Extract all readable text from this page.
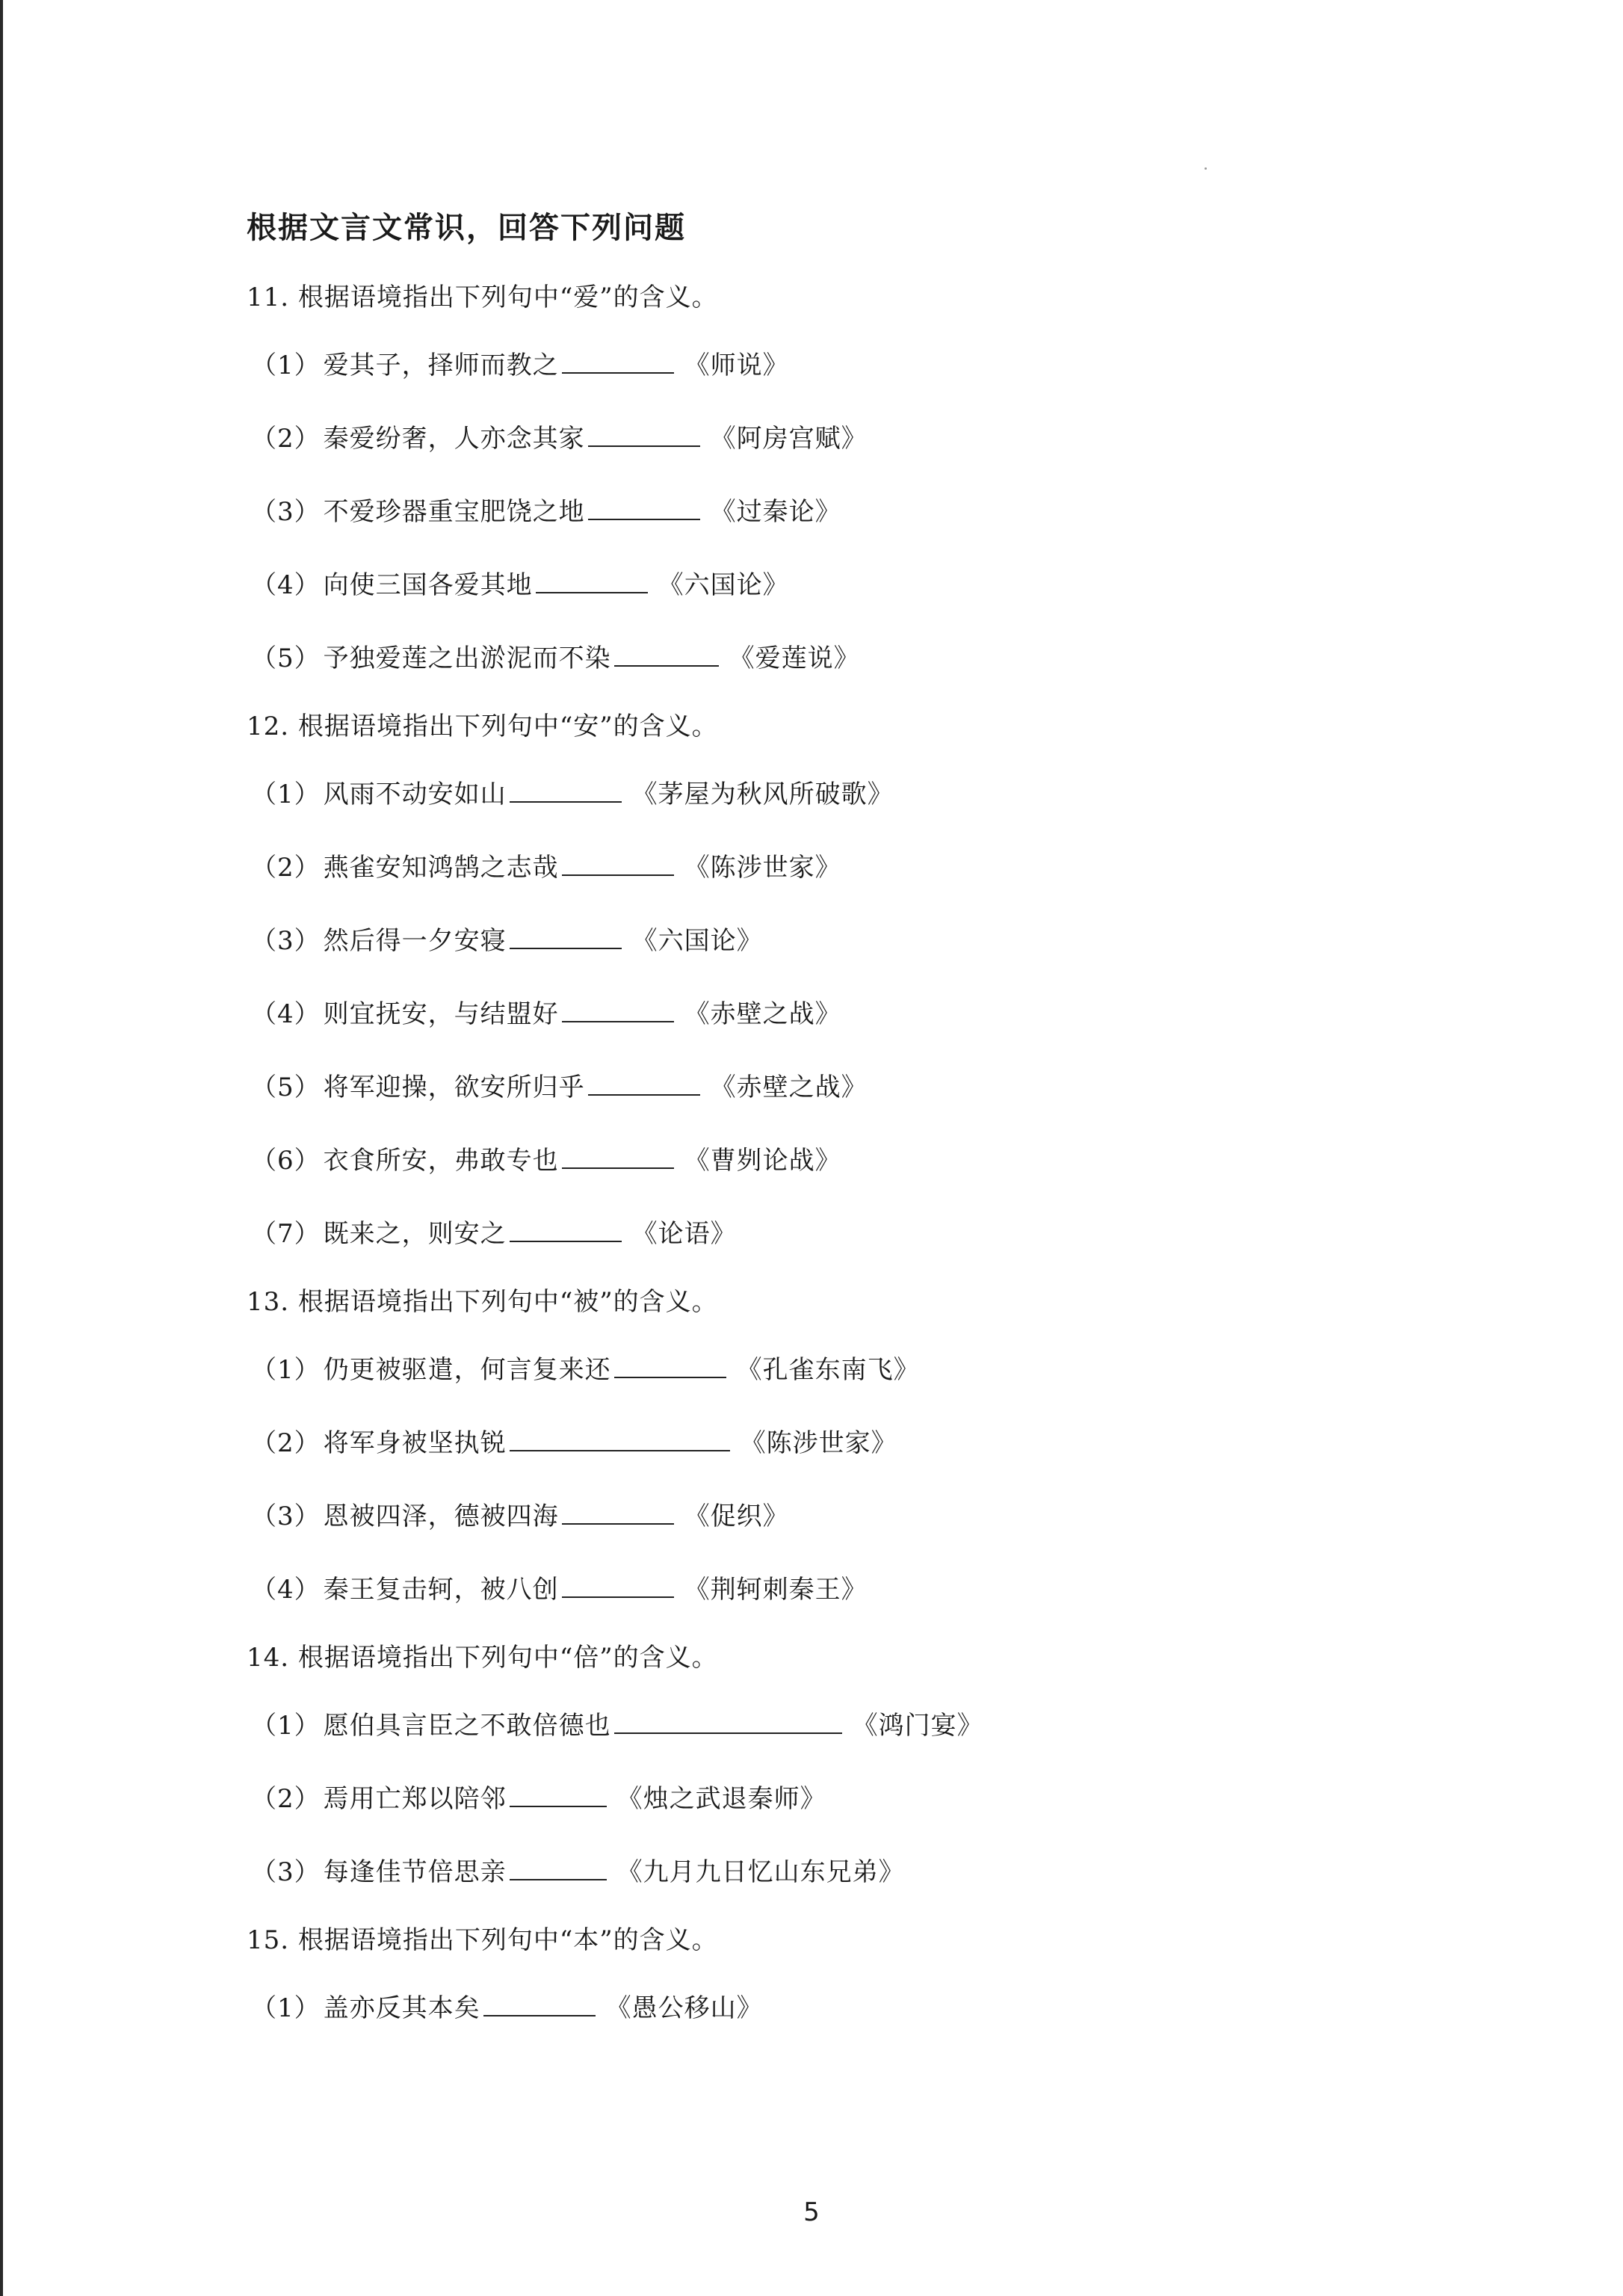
根据文言文常识，回答下列问题
11. 根据语境指出下列句中“爱”的含义。
（1） 爱其子，择师而教之	《师说》
（2） 秦爱纷奢，人亦念其家	《阿房宫赋》
（3） 不爱珍器重宝肥饶之地	《过秦论》
（4） 向使三国各爱其地	《六国论》
（5） 予独爱莲之出淤泥而不染	《爱莲说》
12. 根据语境指出下列句中“安”的含义。
（1） 风雨不动安如山	《茅屋为秋风所破歌》
（2） 燕雀安知鸿鹄之志哉	《陈涉世家》
（3） 然后得一夕安寝	《六国论》
（4） 则宜抚安，与结盟好	《赤壁之战》
（5） 将军迎操，欲安所归乎	《赤壁之战》
（6） 衣食所安，弗敢专也	《曹刿论战》
（7） 既来之，则安之	《论语》
13. 根据语境指出下列句中“被”的含义。
（1） 仍更被驱遣，何言复来还	《孔雀东南飞》
（2） 将军身被坚执锐	《陈涉世家》
（3） 恩被四泽，德被四海	《促织》
（4） 秦王复击轲，被八创	《荆轲刺秦王》
14. 根据语境指出下列句中“倍”的含义。
（1） 愿伯具言臣之不敢倍德也	《鸿门宴》
（2） 焉用亡郑以陪邻	《烛之武退秦师》
（3） 每逢佳节倍思亲	《九月九日忆山东兄弟》
15. 根据语境指出下列句中“本”的含义。
（1） 盖亦反其本矣	《愚公移山》
5
